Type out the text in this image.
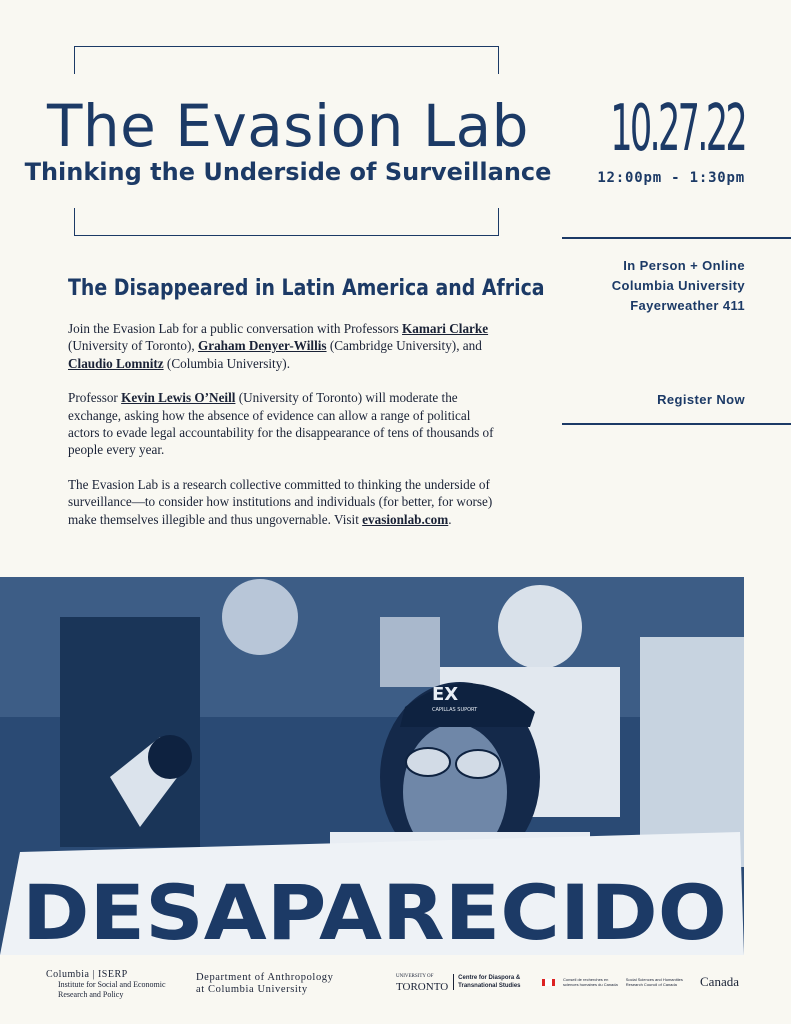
The Evasion Lab
Thinking the Underside of Surveillance
10.27.22
12:00pm - 1:30pm
In Person + Online
Columbia University
Fayerweather 411
Register Now
The Disappeared in Latin America and Africa

Join the Evasion Lab for a public conversation with Professors Kamari Clarke (University of Toronto), Graham Denyer-Willis (Cambridge University), and Claudio Lomnitz (Columbia University).

Professor Kevin Lewis O’Neill (University of Toronto) will moderate the exchange, asking how the absence of evidence can allow a range of political actors to evade legal accountability for the disappearance of tens of thousands of people every year.

The Evasion Lab is a research collective committed to thinking the underside of surveillance—to consider how institutions and individuals (for better, for worse) make themselves illegible and thus ungovernable. Visit evasionlab.com.

EX
CAPILLAS SUPORT
DESAPARECIDO
Columbia | ISERP
Institute for Social and Economic
Research and Policy
Department of Anthropology
at Columbia University
UNIVERSITY OF
TORONTO
Centre for Diaspora &
Transnational Studies
Conseil de recherches en
sciences humaines du Canada
Social Sciences and Humanities
Research Council of Canada	Canada
